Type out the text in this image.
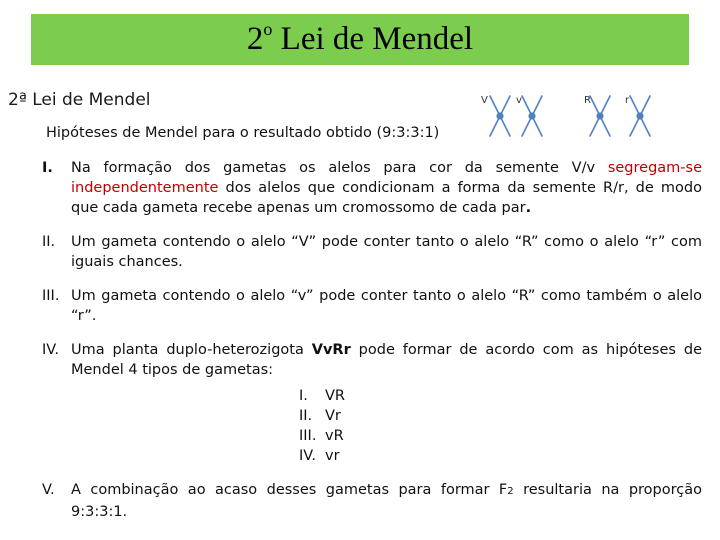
2$^o$ Lei de Mendel
2ª Lei de Mendel	V	v	R	r
Hipóteses de Mendel para o resultado obtido (9:3:3:1)
I.	Na formação dos gametas os alelos para cor da semente V/v segregam-se independentemente dos alelos que condicionam a forma da semente R/r, de modo que cada gameta recebe apenas um cromossomo de cada par.
II.	Um gameta contendo o alelo “V” pode conter tanto o alelo “R” como o alelo “r” com iguais chances.
III. Um gameta contendo o alelo “v” pode conter tanto o alelo “R” como também o alelo “r”.
IV. Uma planta duplo-heterozigota VvRr pode formar de acordo com as hipóteses de Mendel 4 tipos de gametas:
I.	VR
II. Vr
III. vR
IV. vr
V.	A combinação ao acaso desses gametas para formar F2 resultaria na proporção 9:3:3:1.
